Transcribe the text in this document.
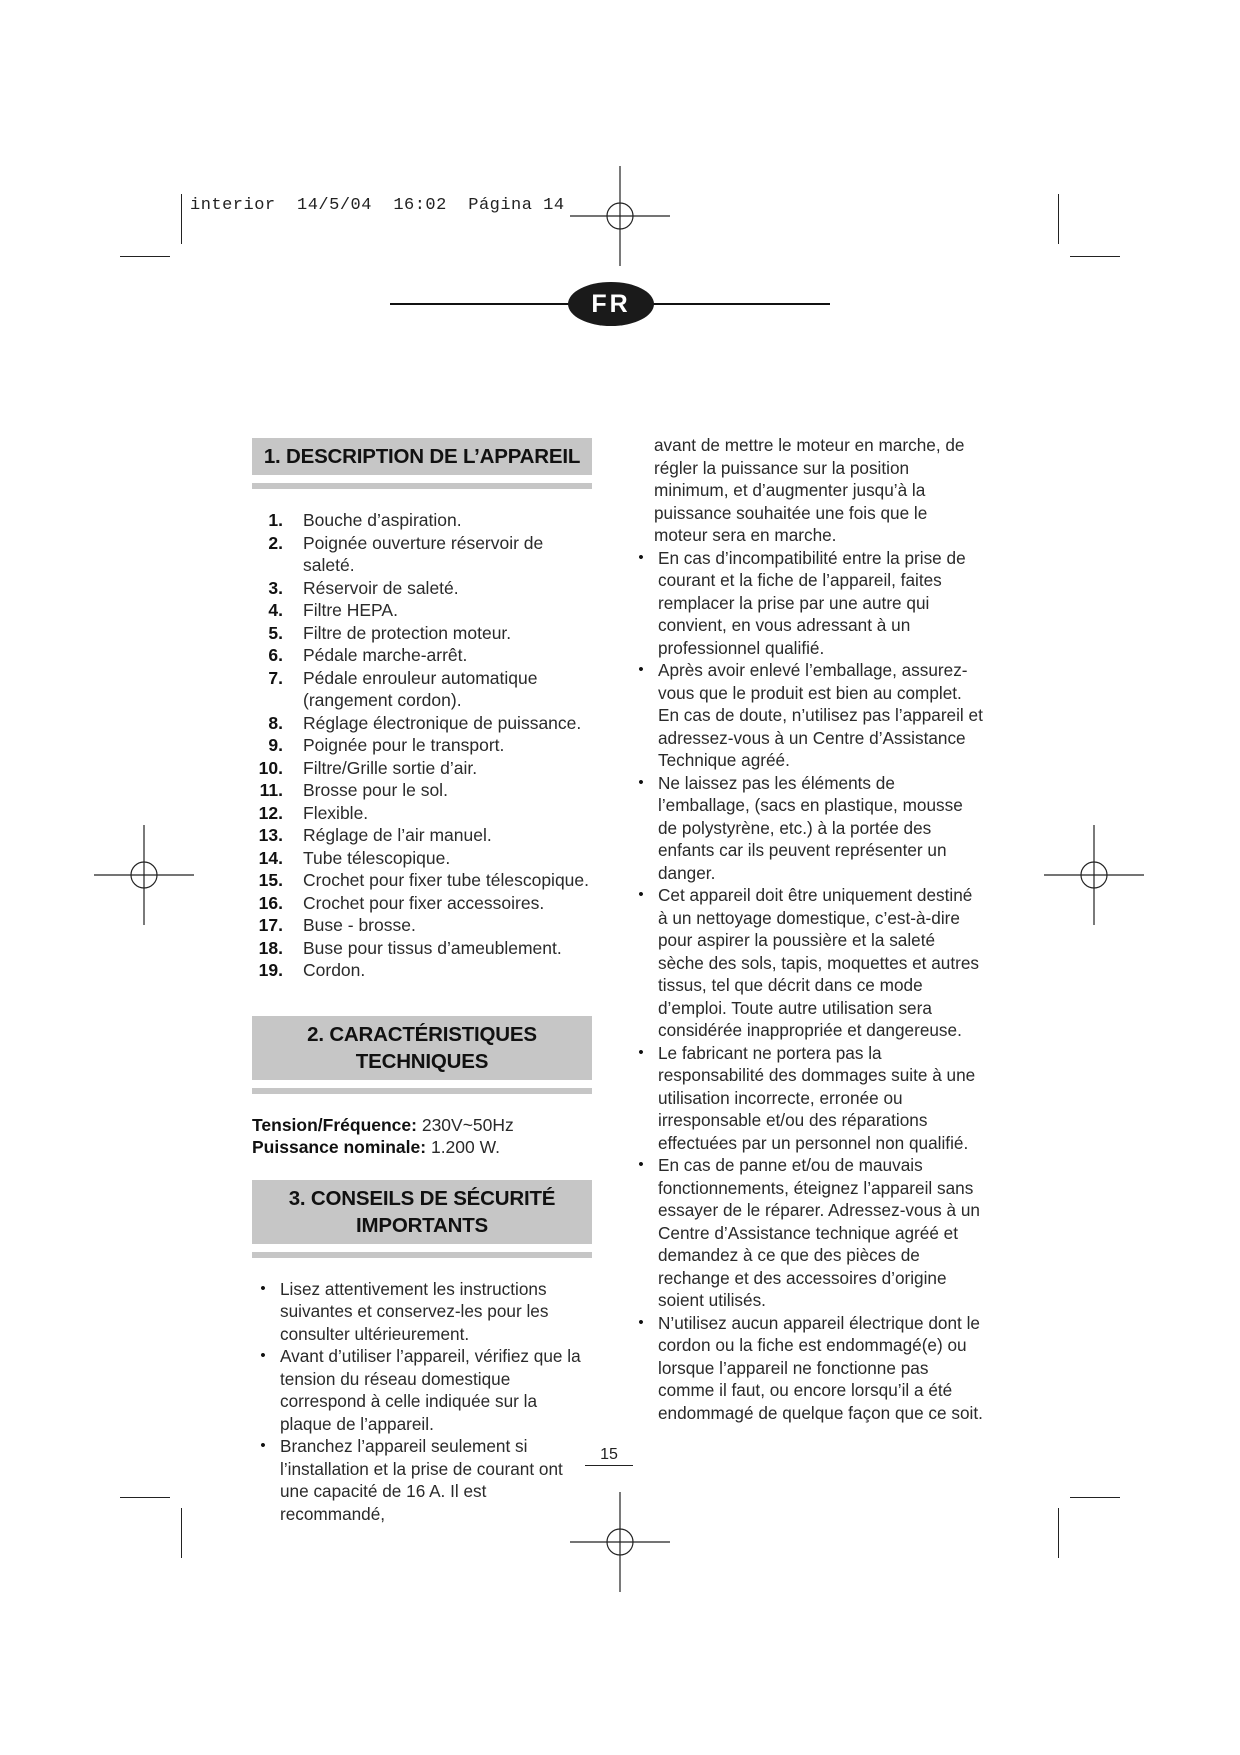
interior  14/5/04  16:02  Página 14
FR
1. DESCRIPTION DE L’APPAREIL
1. Bouche d’aspiration.
2. Poignée ouverture réservoir de saleté.
3. Réservoir de saleté.
4. Filtre HEPA.
5. Filtre de protection moteur.
6. Pédale marche-arrêt.
7. Pédale enrouleur automatique (rangement cordon).
8. Réglage électronique de puissance.
9. Poignée pour le transport.
10. Filtre/Grille sortie d’air.
11. Brosse pour le sol.
12. Flexible.
13. Réglage de l’air manuel.
14. Tube télescopique.
15. Crochet pour fixer tube télescopique.
16. Crochet pour fixer accessoires.
17. Buse - brosse.
18. Buse pour tissus d’ameublement.
19. Cordon.
2. CARACTÉRISTIQUES TECHNIQUES
Tension/Fréquence: 230V~50Hz
Puissance nominale: 1.200 W.
3. CONSEILS DE SÉCURITÉ
IMPORTANTS
• Lisez attentivement les instructions suivantes et conservez-les pour les consulter ultérieurement.
• Avant d’utiliser l’appareil, vérifiez que la tension du réseau domestique correspond à celle indiquée sur la plaque de l’appareil.
• Branchez l’appareil seulement si l’installation et la prise de courant ont une capacité de 16 A. Il est recommandé,
avant de mettre le moteur en marche, de régler la puissance sur la position minimum, et d’augmenter jusqu’à la puissance souhaitée une fois que le moteur sera en marche.
• En cas d’incompatibilité entre la prise de courant et la fiche de l’appareil, faites remplacer la prise par une autre qui convient, en vous adressant à un professionnel qualifié.
• Après avoir enlevé l’emballage, assurez-vous que le produit est bien au complet. En cas de doute, n’utilisez pas l’appareil et adressez-vous à un Centre d’Assistance Technique agréé.
• Ne laissez pas les éléments de l’emballage, (sacs en plastique, mousse de polystyrène, etc.) à la portée des enfants car ils peuvent représenter un danger.
• Cet appareil doit être uniquement destiné à un nettoyage domestique, c’est-à-dire pour aspirer la poussière et la saleté sèche des sols, tapis, moquettes et autres tissus, tel que décrit dans ce mode d’emploi. Toute autre utilisation sera considérée inappropriée et dangereuse.
• Le fabricant ne portera pas la responsabilité des dommages suite à une utilisation incorrecte, erronée ou irresponsable et/ou des réparations effectuées par un personnel non qualifié.
• En cas de panne et/ou de mauvais fonctionnements, éteignez l’appareil sans essayer de le réparer. Adressez-vous à un Centre d’Assistance technique agréé et demandez à ce que des pièces de rechange et des accessoires d’origine soient utilisés.
• N’utilisez aucun appareil électrique dont le cordon ou la fiche est endommagé(e) ou lorsque l’appareil ne fonctionne pas comme il faut, ou encore lorsqu’il a été endommagé de quelque façon que ce soit.
15
